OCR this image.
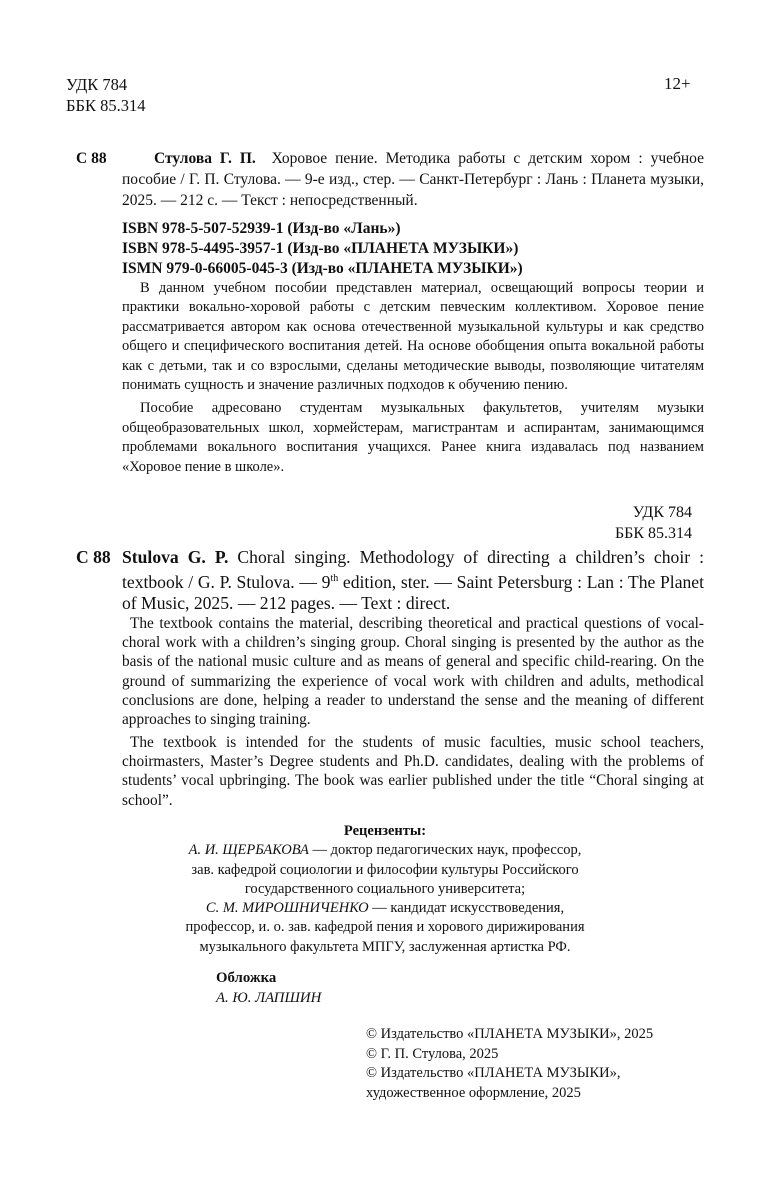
УДК 784
ББК 85.314
12+
С 88	Стулова Г. П. Хоровое пение. Методика работы с детским хором : учебное пособие / Г. П. Стулова. — 9-е изд., стер. — Санкт-Петербург : Лань : Планета музыки, 2025. — 212 с. — Текст : непосредственный.
ISBN 978-5-507-52939-1 (Изд-во «Лань»)
ISBN 978-5-4495-3957-1 (Изд-во «ПЛАНЕТА МУЗЫКИ»)
ISMN 979-0-66005-045-3 (Изд-во «ПЛАНЕТА МУЗЫКИ»)

В данном учебном пособии представлен материал, освещающий вопросы теории и практики вокально-хоровой работы с детским певческим коллективом. Хоровое пение рассматривается автором как основа отечественной музыкальной культуры и как средство общего и специфического воспитания детей. На основе обобщения опыта вокальной работы как с детьми, так и со взрослыми, сделаны методические выводы, позволяющие читателям понимать сущность и значение различных подходов к обучению пению.

Пособие адресовано студентам музыкальных факультетов, учителям музыки общеобразовательных школ, хормейстерам, магистрантам и аспирантам, занимающимся проблемами вокального воспитания учащихся. Ранее книга издавалась под названием «Хоровое пение в школе».

УДК 784
ББК 85.314
С 88 Stulova G. P. Choral singing. Methodology of directing a children’s choir : textbook / G. P. Stulova. — 9th edition, ster. — Saint Petersburg : Lan : The Planet of Music, 2025. — 212 pages. — Text : direct.

The textbook contains the material, describing theoretical and practical questions of vocal-choral work with a children’s singing group. Choral singing is presented by the author as the basis of the national music culture and as means of general and specific child-rearing. On the ground of summarizing the experience of vocal work with children and adults, methodical conclusions are done, helping a reader to understand the sense and the meaning of different approaches to singing training.

The textbook is intended for the students of music faculties, music school teachers, choirmasters, Master’s Degree students and Ph.D. candidates, dealing with the problems of students’ vocal upbringing. The book was earlier published under the title “Choral singing at school”.

Рецензенты:
А. И. ЩЕРБАКОВА — доктор педагогических наук, профессор,
зав. кафедрой социологии и философии культуры Российского
государственного социального университета;
С. М. МИРОШНИЧЕНКО — кандидат искусствоведения,
профессор, и. о. зав. кафедрой пения и хорового дирижирования
музыкального факультета МПГУ, заслуженная артистка РФ.
Обложка
А. Ю. ЛАПШИН
© Издательство «ПЛАНЕТА МУЗЫКИ», 2025
© Г. П. Стулова, 2025
© Издательство «ПЛАНЕТА МУЗЫКИ»,
художественное оформление, 2025
